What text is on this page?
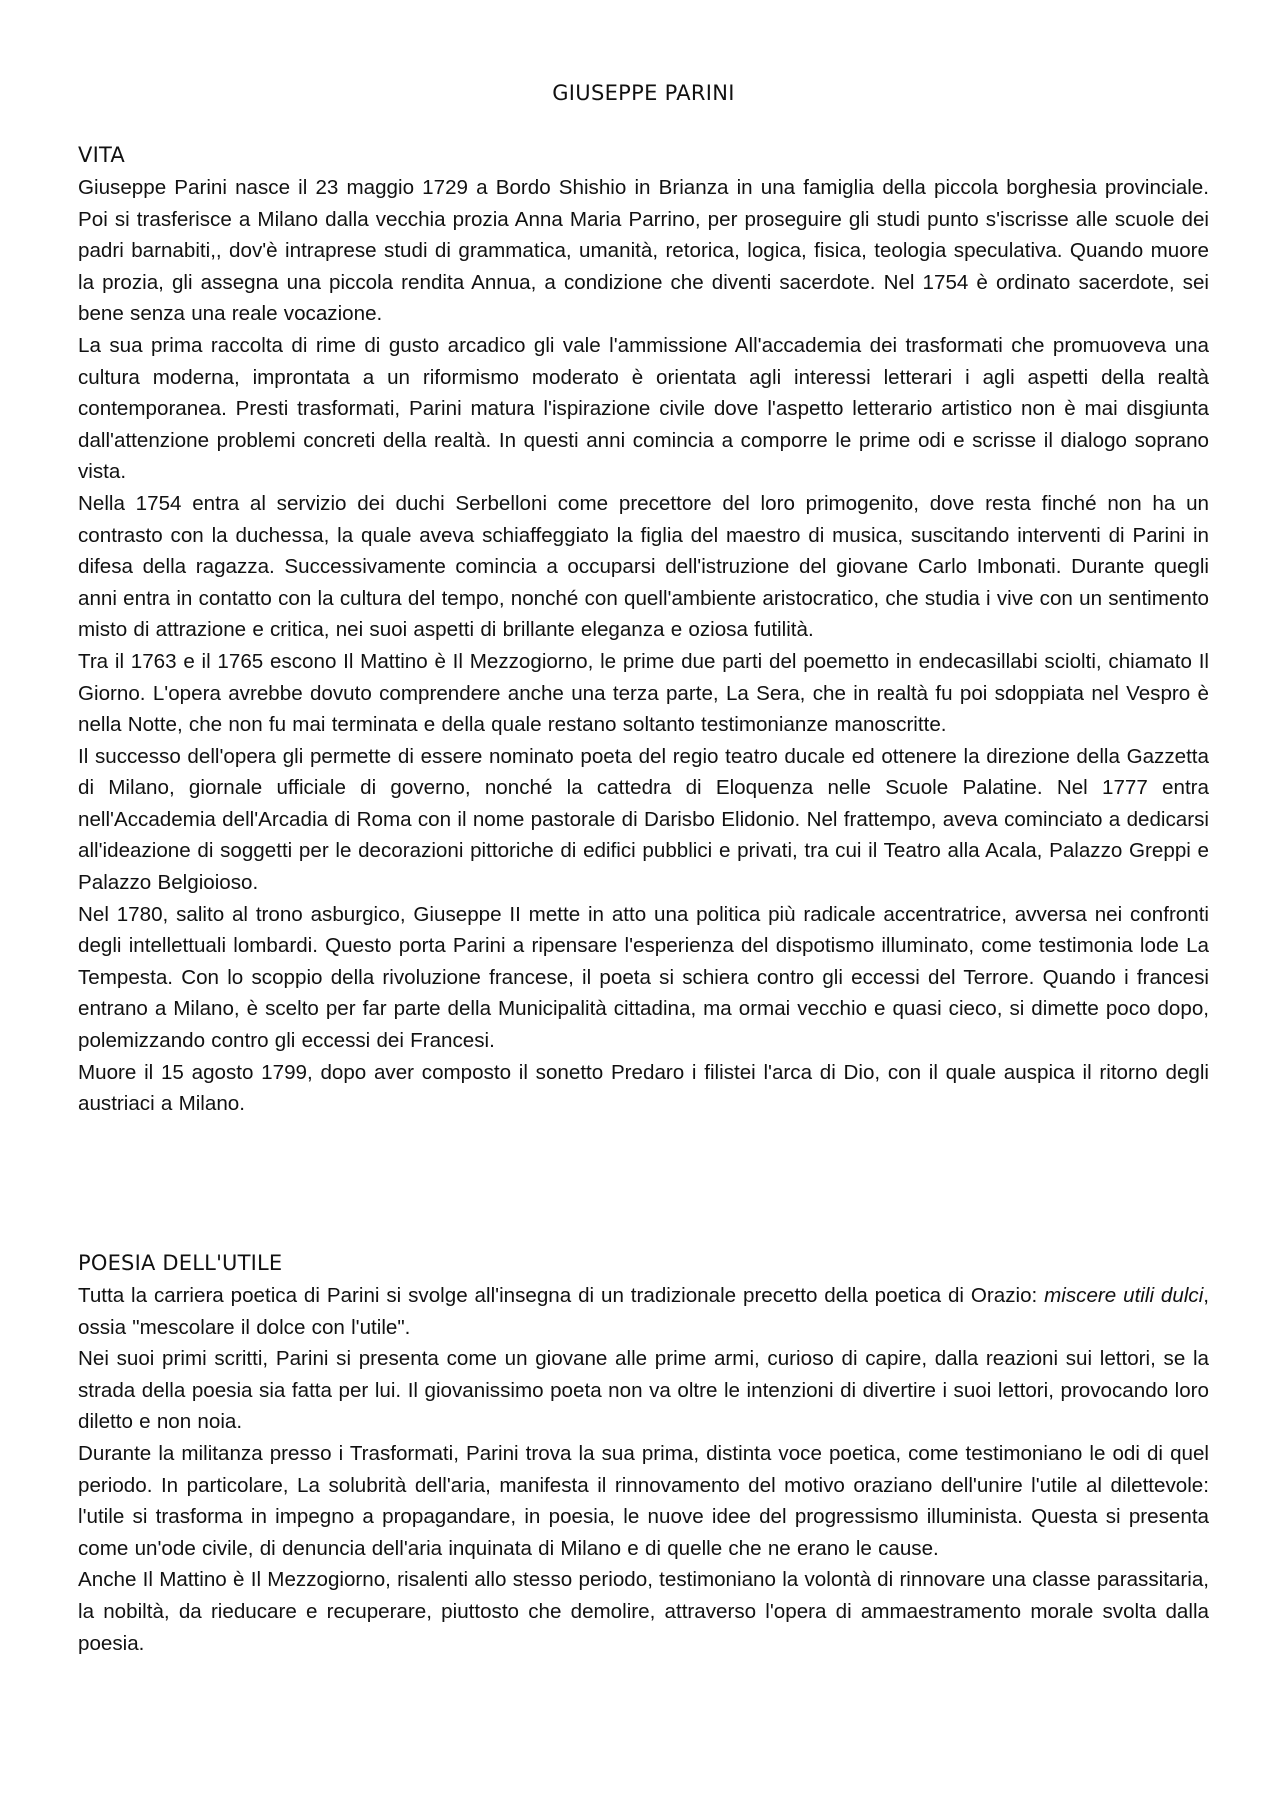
GIUSEPPE PARINI
VITA

Giuseppe Parini nasce il 23 maggio 1729 a Bordo Shishio in Brianza in una famiglia della piccola borghesia provinciale. Poi si trasferisce a Milano dalla vecchia prozia Anna Maria Parrino, per proseguire gli studi punto s'iscrisse alle scuole dei padri barnabiti,, dov'è intraprese studi di grammatica, umanità, retorica, logica, fisica, teologia speculativa. Quando muore la prozia, gli assegna una piccola rendita Annua, a condizione che diventi sacerdote. Nel 1754 è ordinato sacerdote, sei bene senza una reale vocazione.

La sua prima raccolta di rime di gusto arcadico gli vale l'ammissione All'accademia dei trasformati che promuoveva una cultura moderna, improntata a un riformismo moderato è orientata agli interessi letterari i agli aspetti della realtà contemporanea. Presti trasformati, Parini matura l'ispirazione civile dove l'aspetto letterario artistico non è mai disgiunta dall'attenzione problemi concreti della realtà. In questi anni comincia a comporre le prime odi e scrisse il dialogo soprano vista.

Nella 1754 entra al servizio dei duchi Serbelloni come precettore del loro primogenito, dove resta finché non ha un contrasto con la duchessa, la quale aveva schiaffeggiato la figlia del maestro di musica, suscitando interventi di Parini in difesa della ragazza. Successivamente comincia a occuparsi dell'istruzione del giovane Carlo Imbonati. Durante quegli anni entra in contatto con la cultura del tempo, nonché con quell'ambiente aristocratico, che studia i vive con un sentimento misto di attrazione e critica, nei suoi aspetti di brillante eleganza e oziosa futilità.

Tra il 1763 e il 1765 escono Il Mattino è Il Mezzogiorno, le prime due parti del poemetto in endecasillabi sciolti, chiamato Il Giorno. L'opera avrebbe dovuto comprendere anche una terza parte, La Sera, che in realtà fu poi sdoppiata nel Vespro è nella Notte, che non fu mai terminata e della quale restano soltanto testimonianze manoscritte.

Il successo dell'opera gli permette di essere nominato poeta del regio teatro ducale ed ottenere la direzione della Gazzetta di Milano, giornale ufficiale di governo, nonché la cattedra di Eloquenza nelle Scuole Palatine. Nel 1777 entra nell'Accademia dell'Arcadia di Roma con il nome pastorale di Darisbo Elidonio. Nel frattempo, aveva cominciato a dedicarsi all'ideazione di soggetti per le decorazioni pittoriche di edifici pubblici e privati, tra cui il Teatro alla Acala, Palazzo Greppi e Palazzo Belgioioso.

Nel 1780, salito al trono asburgico, Giuseppe II mette in atto una politica più radicale accentratrice, avversa nei confronti degli intellettuali lombardi. Questo porta Parini a ripensare l'esperienza del dispotismo illuminato, come testimonia lode La Tempesta. Con lo scoppio della rivoluzione francese, il poeta si schiera contro gli eccessi del Terrore. Quando i francesi entrano a Milano, è scelto per far parte della Municipalità cittadina, ma ormai vecchio e quasi cieco, si dimette poco dopo, polemizzando contro gli eccessi dei Francesi.

Muore il 15 agosto 1799, dopo aver composto il sonetto Predaro i filistei l'arca di Dio, con il quale auspica il ritorno degli austriaci a Milano.

POESIA DELL'UTILE

Tutta la carriera poetica di Parini si svolge all'insegna di un tradizionale precetto della poetica di Orazio: miscere utili dulci, ossia "mescolare il dolce con l'utile".

Nei suoi primi scritti, Parini si presenta come un giovane alle prime armi, curioso di capire, dalla reazioni sui lettori, se la strada della poesia sia fatta per lui. Il giovanissimo poeta non va oltre le intenzioni di divertire i suoi lettori, provocando loro diletto e non noia.

Durante la militanza presso i Trasformati, Parini trova la sua prima, distinta voce poetica, come testimoniano le odi di quel periodo. In particolare, La solubrità dell'aria, manifesta il rinnovamento del motivo oraziano dell'unire l'utile al dilettevole: l'utile si trasforma in impegno a propagandare, in poesia, le nuove idee del progressismo illuminista. Questa si presenta come un'ode civile, di denuncia dell'aria inquinata di Milano e di quelle che ne erano le cause.

Anche Il Mattino è Il Mezzogiorno, risalenti allo stesso periodo, testimoniano la volontà di rinnovare una classe parassitaria, la nobiltà, da rieducare e recuperare, piuttosto che demolire, attraverso l'opera di ammaestramento morale svolta dalla poesia.
